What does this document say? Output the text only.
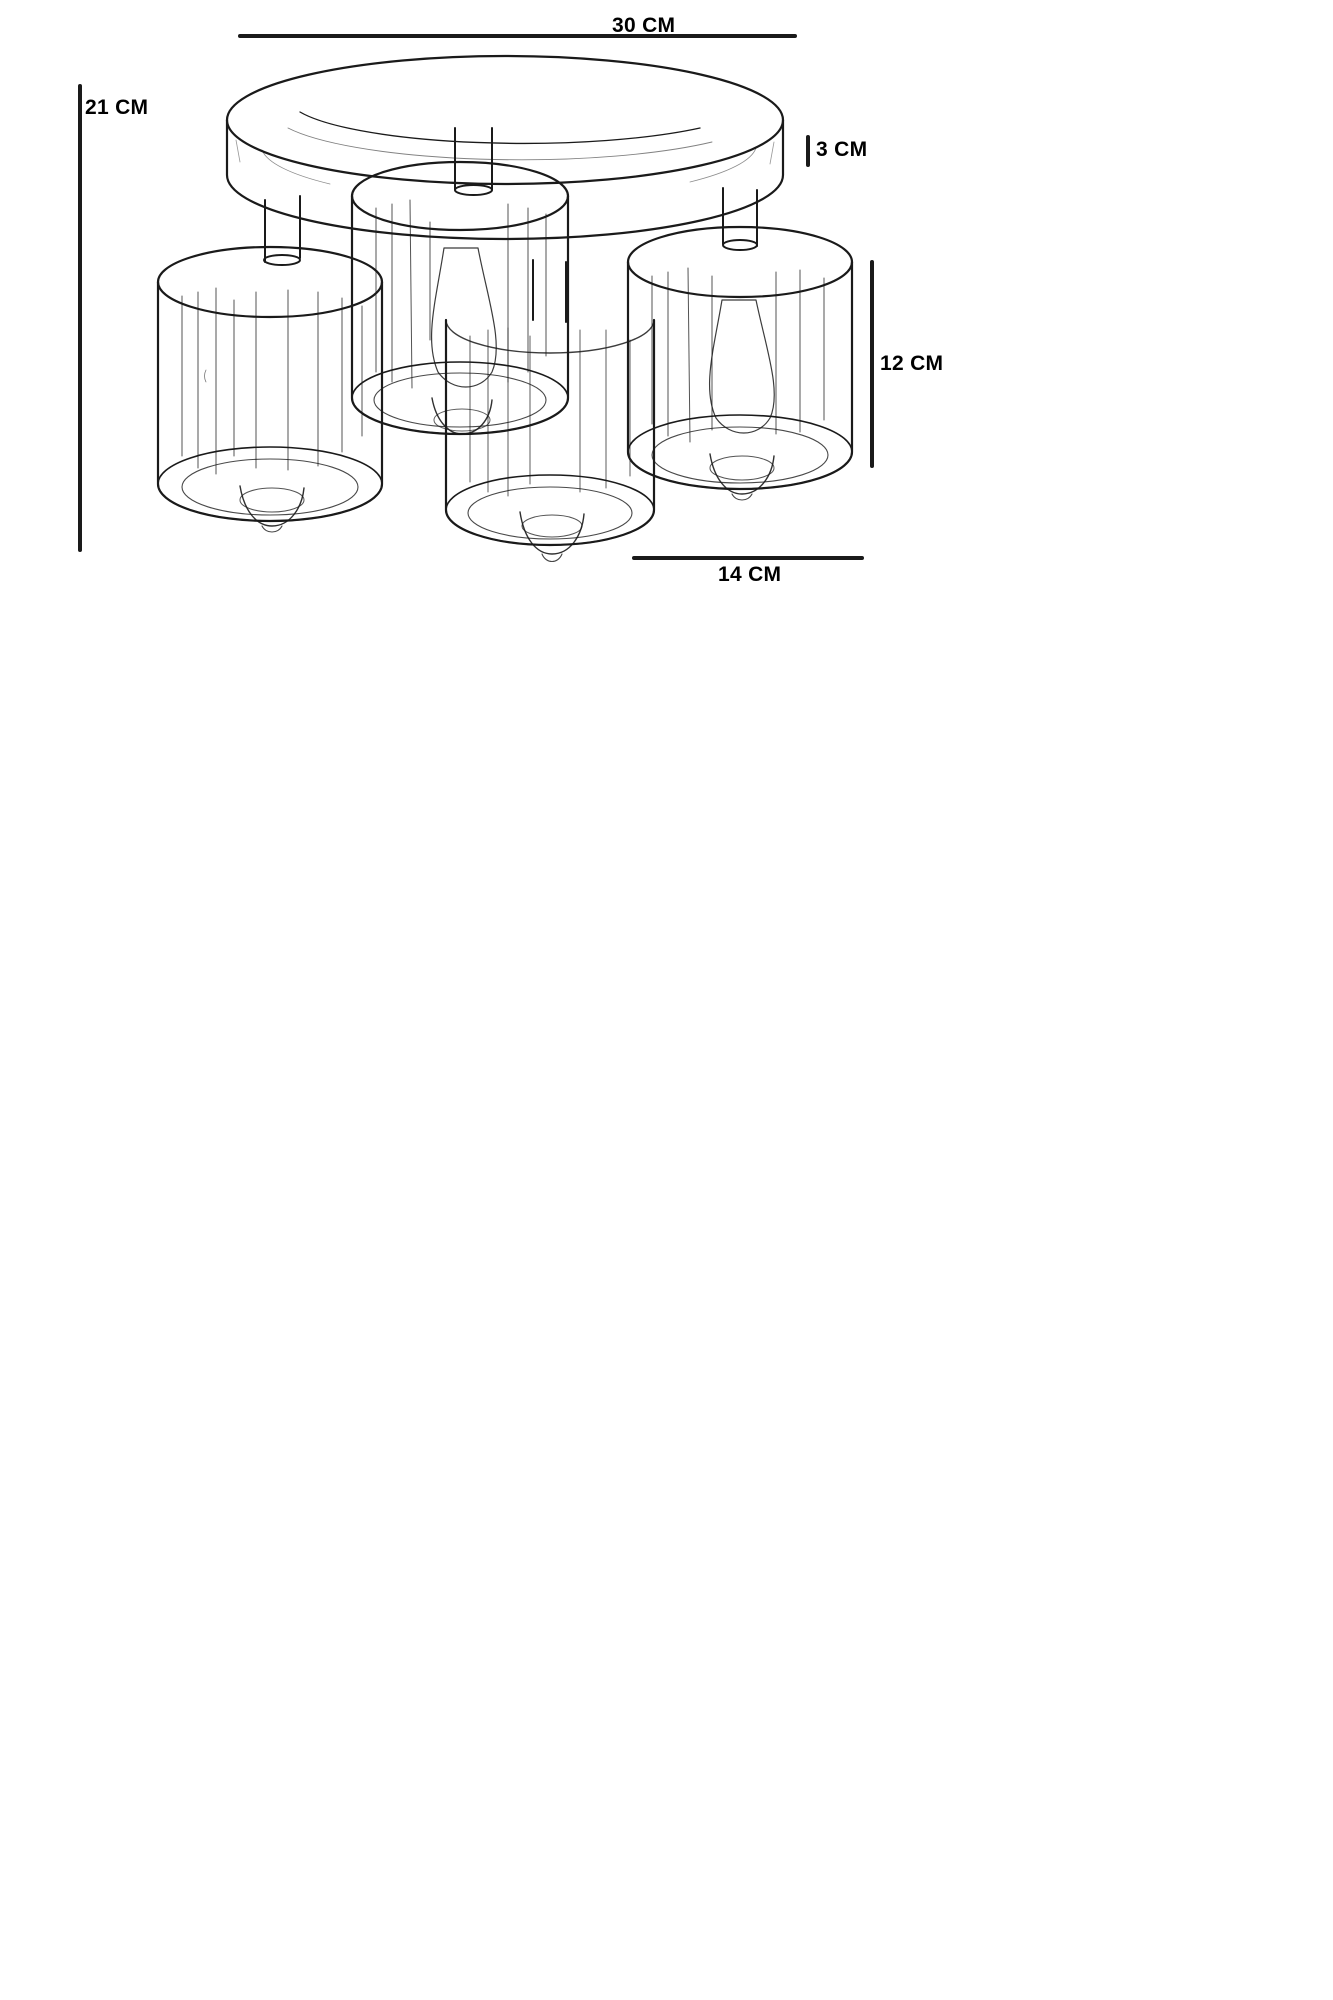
30 CM
21 CM
3 CM
12 CM
14 CM
